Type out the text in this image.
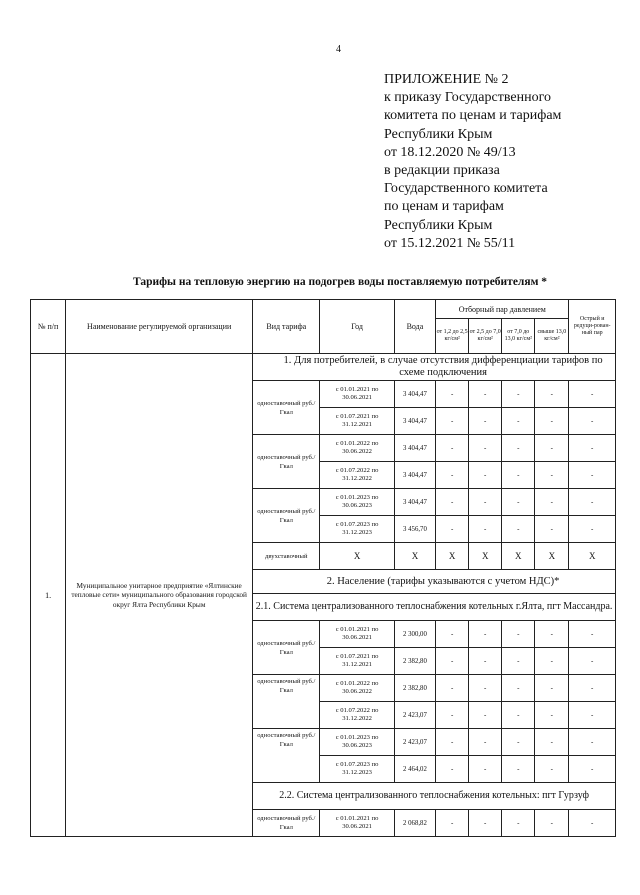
4
ПРИЛОЖЕНИЕ № 2
к приказу Государственного
комитета по ценам и тарифам
Республики Крым
от 18.12.2020 № 49/13
в редакции приказа
Государственного комитета
по ценам и тарифам
Республики Крым
от 15.12.2021 № 55/11
Тарифы на тепловую энергию на подогрев воды поставляемую потребителям *
№ п/п	Наименование регулируемой организации	Вид тарифа	Год	Вода	Отборный пар давлением				Острый и редуци-рован-ный пар
					от 1,2 до 2,5 кг/см²	от 2,5 до 7,0 кг/см²	от 7,0 до 13,0 кг/см²	свыше 13,0 кг/см²	
1.	Муниципальное унитарное предприятие «Ялтинские тепловые сети» муниципального образования городской округ Ялта Республики Крым	1. Для потребителей, в случае отсутствия дифференциации тарифов по схеме подключения							
		одноставочный руб./Гкал	с 01.01.2021 по 30.06.2021	3 404,47	-	-	-	-	-
			с 01.07.2021 по 31.12.2021	3 404,47	-	-	-	-	-
		одноставочный руб./Гкал	с 01.01.2022 по 30.06.2022	3 404,47	-	-	-	-	-
			с 01.07.2022 по 31.12.2022	3 404,47	-	-	-	-	-
		одноставочный руб./Гкал	с 01.01.2023 по 30.06.2023	3 404,47	-	-	-	-	-
			с 01.07.2023 по 31.12.2023	3 456,70	-	-	-	-	-
		двухставочный	Х	Х	Х	Х	Х	Х	Х
		2. Население (тарифы указываются с учетом НДС)*							
		2.1. Система централизованного теплоснабжения котельных г.Ялта, пгт Массандра.							
		одноставочный руб./Гкал	с 01.01.2021 по 30.06.2021	2 300,00	-	-	-	-	-
			с 01.07.2021 по 31.12.2021	2 382,80	-	-	-	-	-
		одноставочный руб./Гкал	с 01.01.2022 по 30.06.2022	2 382,80	-	-	-	-	-
			с 01.07.2022 по 31.12.2022	2 423,07	-	-	-	-	-
		одноставочный руб./Гкал	с 01.01.2023 по 30.06.2023	2 423,07	-	-	-	-	-
			с 01.07.2023 по 31.12.2023	2 464,02	-	-	-	-	-
		2.2. Система централизованного теплоснабжения котельных: пгт Гурзуф							
		одноставочный руб./Гкал	с 01.01.2021 по 30.06.2021	2 068,82	-	-	-	-	-
